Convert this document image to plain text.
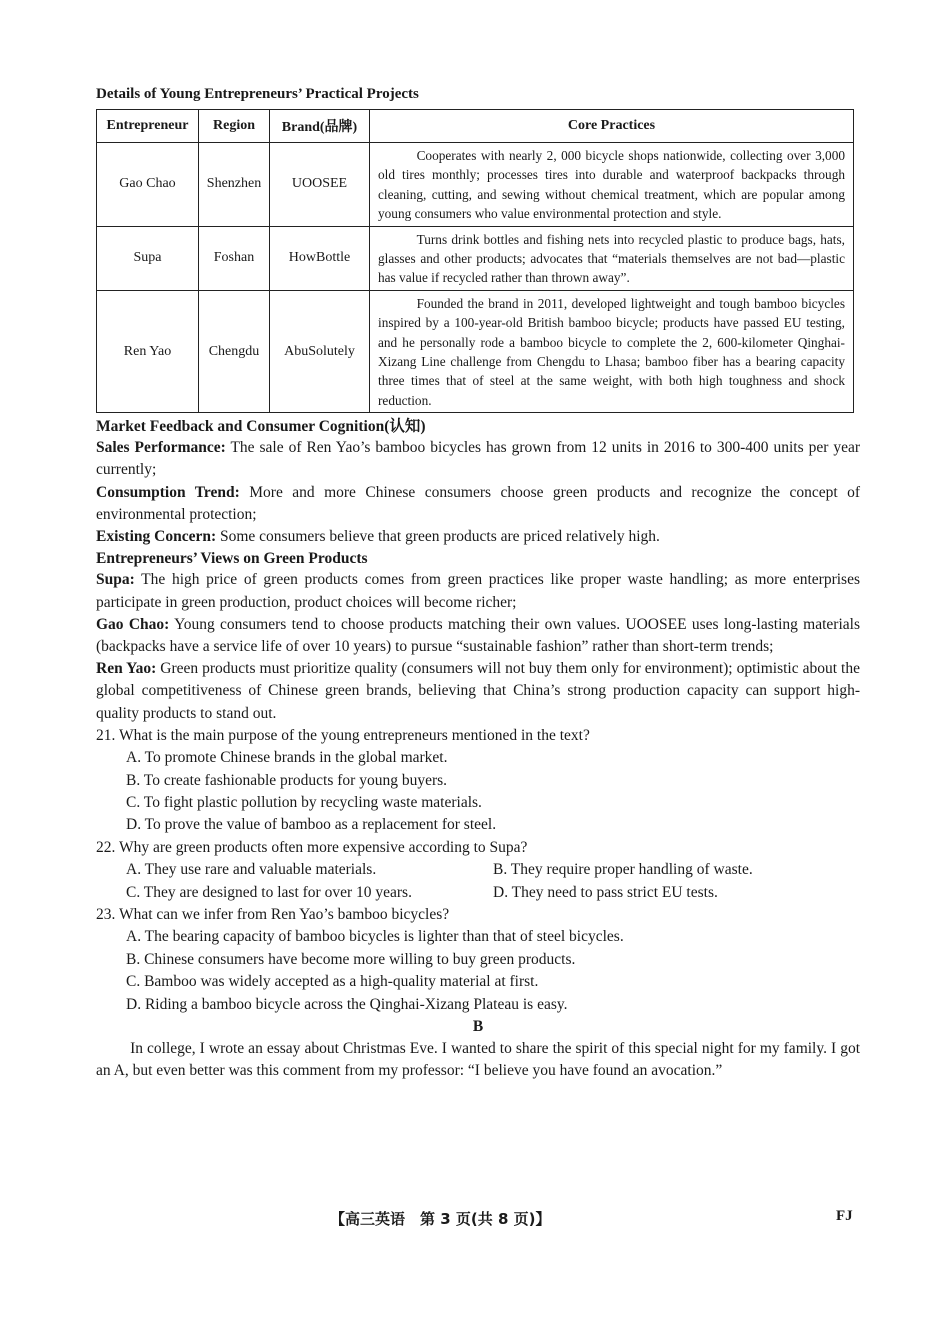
Details of Young Entrepreneurs’ Practical Projects
Entrepreneur	Region	Brand(品牌)	Core Practices
Gao Chao	Shenzhen	UOOSEE	Cooperates with nearly 2, 000 bicycle shops nationwide, collecting over 3,000 old tires monthly; processes tires into durable and waterproof backpacks through cleaning, cutting, and sewing without chemical treatment, which are popular among young consumers who value environmental protection and style.
Supa	Foshan	HowBottle	Turns drink bottles and fishing nets into recycled plastic to produce bags, hats, glasses and other products; advocates that “materials themselves are not bad—plastic has value if recycled rather than thrown away”.
Ren Yao	Chengdu	AbuSolutely	Founded the brand in 2011, developed lightweight and tough bamboo bicycles inspired by a 100-year-old British bamboo bicycle; products have passed EU testing, and he personally rode a bamboo bicycle to complete the 2, 600-kilometer Qinghai-Xizang Line challenge from Chengdu to Lhasa; bamboo fiber has a bearing capacity three times that of steel at the same weight, with both high toughness and shock reduction.
Market Feedback and Consumer Cognition(认知)

Sales Performance: The sale of Ren Yao’s bamboo bicycles has grown from 12 units in 2016 to 300-400 units per year currently;

Consumption Trend: More and more Chinese consumers choose green products and recognize the concept of environmental protection;

Existing Concern: Some consumers believe that green products are priced relatively high.

Entrepreneurs’ Views on Green Products

Supa: The high price of green products comes from green practices like proper waste handling; as more enterprises participate in green production, product choices will become richer;

Gao Chao: Young consumers tend to choose products matching their own values. UOOSEE uses long-lasting materials (backpacks have a service life of over 10 years) to pursue “sustainable fashion” rather than short-term trends;

Ren Yao: Green products must prioritize quality (consumers will not buy them only for environment); optimistic about the global competitiveness of Chinese green brands, believing that China’s strong production capacity can support high-quality products to stand out.

21. What is the main purpose of the young entrepreneurs mentioned in the text?
A. To promote Chinese brands in the global market.
B. To create fashionable products for young buyers.
C. To fight plastic pollution by recycling waste materials.
D. To prove the value of bamboo as a replacement for steel.
22. Why are green products often more expensive according to Supa?
A. They use rare and valuable materials.	B. They require proper handling of waste.
C. They are designed to last for over 10 years.	D. They need to pass strict EU tests.
23. What can we infer from Ren Yao’s bamboo bicycles?
A. The bearing capacity of bamboo bicycles is lighter than that of steel bicycles.
B. Chinese consumers have become more willing to buy green products.
C. Bamboo was widely accepted as a high-quality material at first.
D. Riding a bamboo bicycle across the Qinghai-Xizang Plateau is easy.
B

In college, I wrote an essay about Christmas Eve. I wanted to share the spirit of this special night for my family. I got an A, but even better was this comment from my professor: “I believe you have found an avocation.”

【高三英语　第 3 页(共 8 页)】	FJ
